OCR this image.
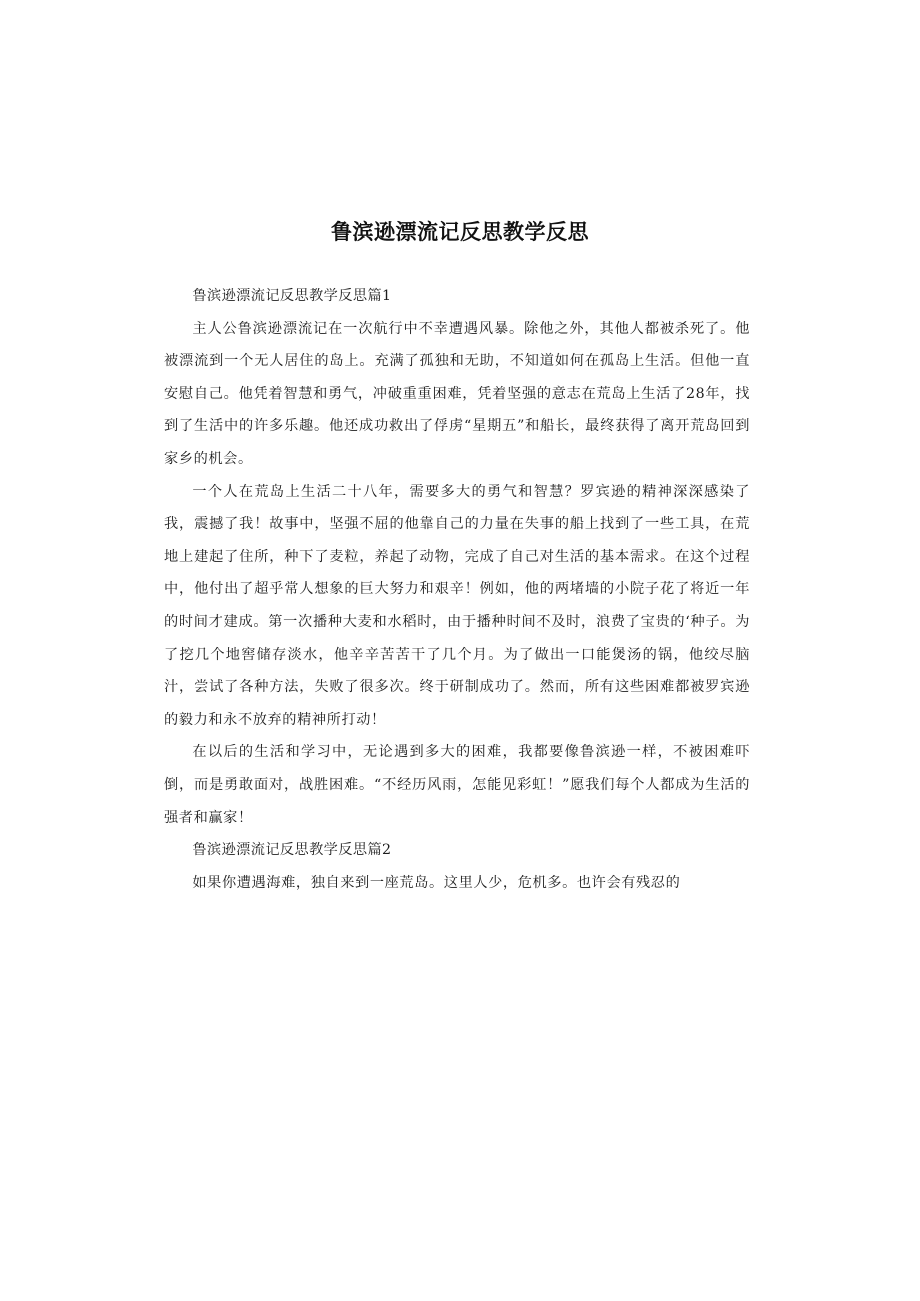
鲁滨逊漂流记反思教学反思

鲁滨逊漂流记反思教学反思篇1

主人公鲁滨逊漂流记在一次航行中不幸遭遇风暴。除他之外，其他人都被杀死了。他被漂流到一个无人居住的岛上。充满了孤独和无助，不知道如何在孤岛上生活。但他一直安慰自己。他凭着智慧和勇气，冲破重重困难，凭着坚强的意志在荒岛上生活了28年，找到了生活中的许多乐趣。他还成功救出了俘虏“星期五”和船长，最终获得了离开荒岛回到家乡的机会。

一个人在荒岛上生活二十八年，需要多大的勇气和智慧？罗宾逊的精神深深感染了我，震撼了我！故事中，坚强不屈的他靠自己的力量在失事的船上找到了一些工具，在荒地上建起了住所，种下了麦粒，养起了动物，完成了自己对生活的基本需求。在这个过程中，他付出了超乎常人想象的巨大努力和艰辛！例如，他的两堵墙的小院子花了将近一年的时间才建成。第一次播种大麦和水稻时，由于播种时间不及时，浪费了宝贵的‘种子。为了挖几个地窖储存淡水，他辛辛苦苦干了几个月。为了做出一口能煲汤的锅，他绞尽脑汁，尝试了各种方法，失败了很多次。终于研制成功了。然而，所有这些困难都被罗宾逊的毅力和永不放弃的精神所打动！

在以后的生活和学习中，无论遇到多大的困难，我都要像鲁滨逊一样，不被困难吓倒，而是勇敢面对，战胜困难。“不经历风雨，怎能见彩虹！”愿我们每个人都成为生活的强者和赢家！

鲁滨逊漂流记反思教学反思篇2

如果你遭遇海难，独自来到一座荒岛。这里人少，危机多。也许会有残忍的
